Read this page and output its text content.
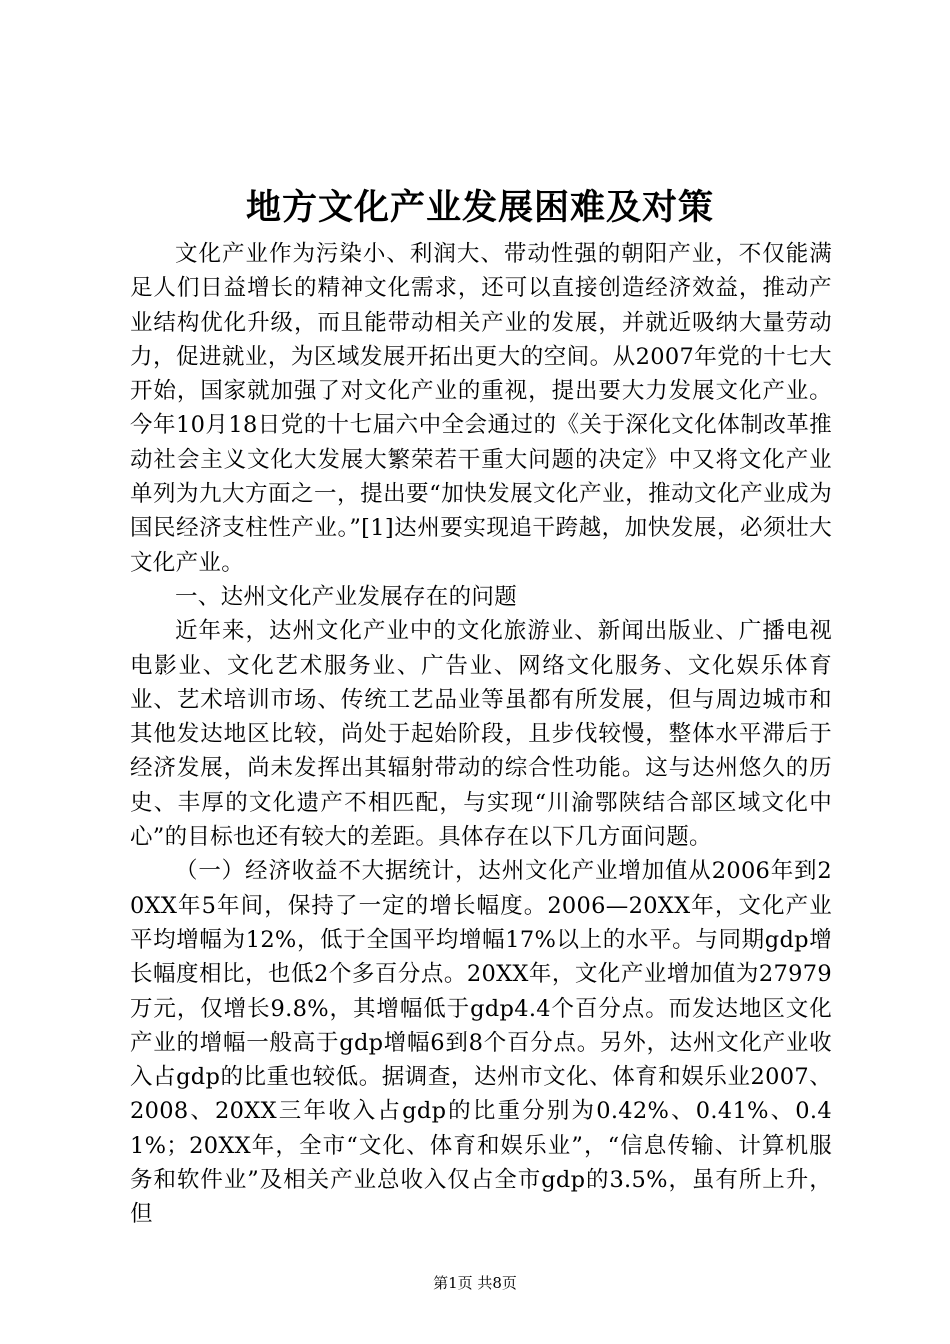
地方文化产业发展困难及对策

文化产业作为污染小、利润大、带动性强的朝阳产业，不仅能满足人们日益增长的精神文化需求，还可以直接创造经济效益，推动产业结构优化升级，而且能带动相关产业的发展，并就近吸纳大量劳动力，促进就业，为区域发展开拓出更大的空间。从2007年党的十七大开始，国家就加强了对文化产业的重视，提出要大力发展文化产业。今年10月18日党的十七届六中全会通过的《关于深化文化体制改革推动社会主义文化大发展大繁荣若干重大问题的决定》中又将文化产业单列为九大方面之一，提出要“加快发展文化产业，推动文化产业成为国民经济支柱性产业。”[1]达州要实现追干跨越，加快发展，必须壮大文化产业。

一、达州文化产业发展存在的问题

近年来，达州文化产业中的文化旅游业、新闻出版业、广播电视电影业、文化艺术服务业、广告业、网络文化服务、文化娱乐体育业、艺术培训市场、传统工艺品业等虽都有所发展，但与周边城市和其他发达地区比较，尚处于起始阶段，且步伐较慢，整体水平滞后于经济发展，尚未发挥出其辐射带动的综合性功能。这与达州悠久的历史、丰厚的文化遗产不相匹配，与实现“川渝鄂陕结合部区域文化中心”的目标也还有较大的差距。具体存在以下几方面问题。

（一）经济收益不大据统计，达州文化产业增加值从2006年到20XX年5年间，保持了一定的增长幅度。2006—20XX年，文化产业平均增幅为12%，低于全国平均增幅17%以上的水平。与同期gdp增长幅度相比，也低2个多百分点。20XX年，文化产业增加值为27979万元，仅增长9.8%，其增幅低于gdp4.4个百分点。而发达地区文化产业的增幅一般高于gdp增幅6到8个百分点。另外，达州文化产业收入占gdp的比重也较低。据调查，达州市文化、体育和娱乐业2007、2008、20XX三年收入占gdp的比重分别为0.42%、0.41%、0.41%；20XX年，全市“文化、体育和娱乐业”，“信息传输、计算机服务和软件业”及相关产业总收入仅占全市gdp的3.5%，虽有所上升，但

第1页 共8页
